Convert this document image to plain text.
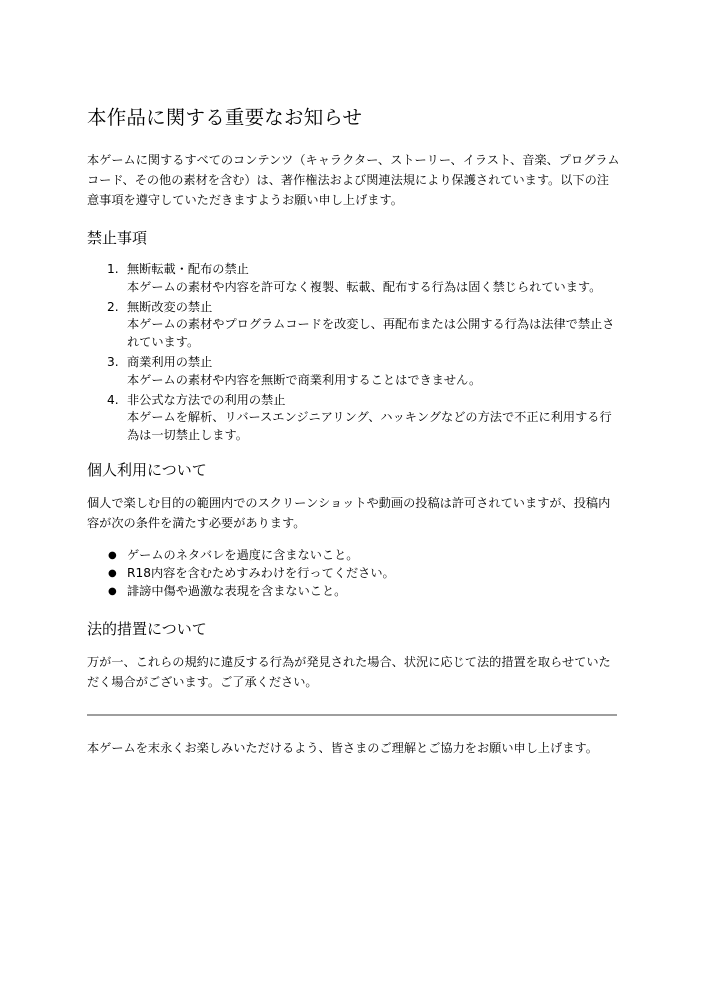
本作品に関する重要なお知らせ

本ゲームに関するすべてのコンテンツ（キャラクター、ストーリー、イラスト、音楽、プログラムコード、その他の素材を含む）は、著作権法および関連法規により保護されています。以下の注意事項を遵守していただきますようお願い申し上げます。

禁止事項
1. 無断転載・配布の禁止
本ゲームの素材や内容を許可なく複製、転載、配布する行為は固く禁じられています。
2. 無断改変の禁止
本ゲームの素材やプログラムコードを改変し、再配布または公開する行為は法律で禁止されています。
3. 商業利用の禁止
本ゲームの素材や内容を無断で商業利用することはできません。
4. 非公式な方法での利用の禁止
本ゲームを解析、リバースエンジニアリング、ハッキングなどの方法で不正に利用する行為は一切禁止します。
個人利用について

個人で楽しむ目的の範囲内でのスクリーンショットや動画の投稿は許可されていますが、投稿内容が次の条件を満たす必要があります。

● ゲームのネタバレを過度に含まないこと。
● R18内容を含むためすみわけを行ってください。
● 誹謗中傷や過激な表現を含まないこと。
法的措置について

万が一、これらの規約に違反する行為が発見された場合、状況に応じて法的措置を取らせていただく場合がございます。ご了承ください。

本ゲームを末永くお楽しみいただけるよう、皆さまのご理解とご協力をお願い申し上げます。
